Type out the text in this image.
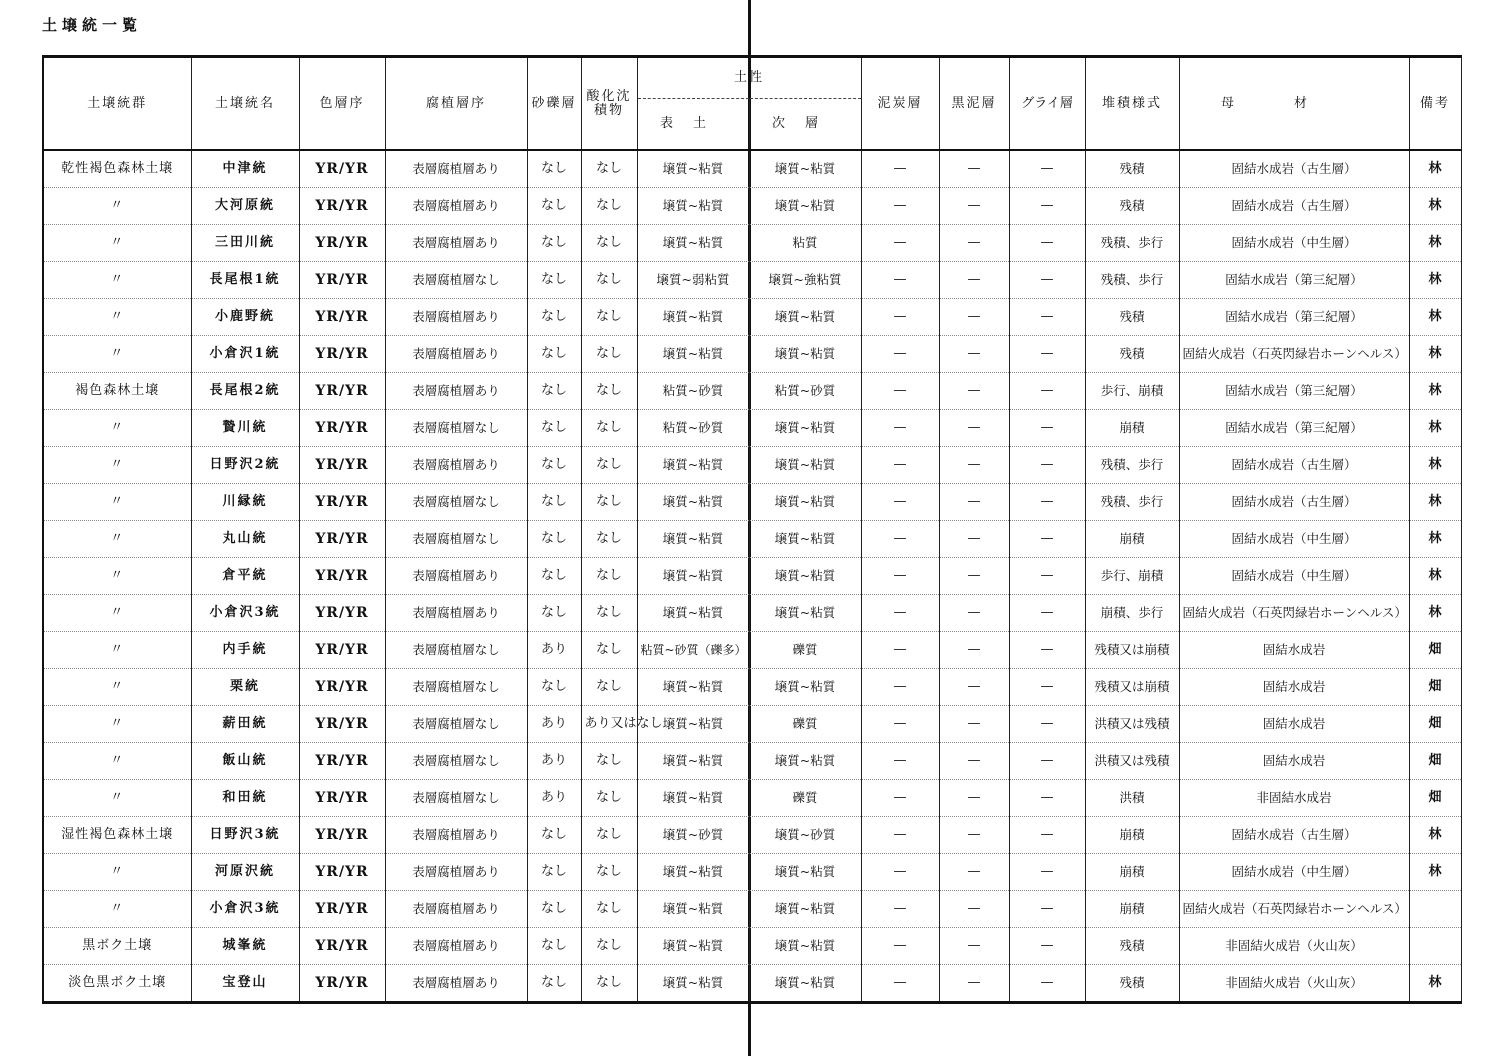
土壌統一覧
土壌統群	土壌統名	色層序	腐植層序	砂礫層	酸化沈積物	土性		泥炭層	黒泥層	グライ層	堆積様式	母材	備考
						表土	次層						
乾性褐色森林土壌	中津統	YR/YR	表層腐植層あり	なし	なし	壌質~粘質	壌質~粘質	—	—	—	残積	固結水成岩（古生層）	林
〃	大河原統	YR/YR	表層腐植層あり	なし	なし	壌質~粘質	壌質~粘質	—	—	—	残積	固結水成岩（古生層）	林
〃	三田川統	YR/YR	表層腐植層あり	なし	なし	壌質~粘質	粘質	—	—	—	残積、歩行	固結水成岩（中生層）	林
〃	長尾根1統	YR/YR	表層腐植層なし	なし	なし	壌質~弱粘質	壌質~強粘質	—	—	—	残積、歩行	固結水成岩（第三紀層）	林
〃	小鹿野統	YR/YR	表層腐植層あり	なし	なし	壌質~粘質	壌質~粘質	—	—	—	残積	固結水成岩（第三紀層）	林
〃	小倉沢1統	YR/YR	表層腐植層あり	なし	なし	壌質~粘質	壌質~粘質	—	—	—	残積	固結火成岩（石英閃緑岩ホーンヘルス）	林
褐色森林土壌	長尾根2統	YR/YR	表層腐植層あり	なし	なし	粘質~砂質	粘質~砂質	—	—	—	歩行、崩積	固結水成岩（第三紀層）	林
〃	贄川統	YR/YR	表層腐植層なし	なし	なし	粘質~砂質	壌質~粘質	—	—	—	崩積	固結水成岩（第三紀層）	林
〃	日野沢2統	YR/YR	表層腐植層あり	なし	なし	壌質~粘質	壌質~粘質	—	—	—	残積、歩行	固結水成岩（古生層）	林
〃	川縁統	YR/YR	表層腐植層なし	なし	なし	壌質~粘質	壌質~粘質	—	—	—	残積、歩行	固結水成岩（古生層）	林
〃	丸山統	YR/YR	表層腐植層なし	なし	なし	壌質~粘質	壌質~粘質	—	—	—	崩積	固結水成岩（中生層）	林
〃	倉平統	YR/YR	表層腐植層あり	なし	なし	壌質~粘質	壌質~粘質	—	—	—	歩行、崩積	固結水成岩（中生層）	林
〃	小倉沢3統	YR/YR	表層腐植層あり	なし	なし	壌質~粘質	壌質~粘質	—	—	—	崩積、歩行	固結火成岩（石英閃緑岩ホーンヘルス）	林
〃	内手統	YR/YR	表層腐植層なし	あり	なし	粘質~砂質（礫多）	礫質	—	—	—	残積又は崩積	固結水成岩	畑
〃	栗統	YR/YR	表層腐植層なし	なし	なし	壌質~粘質	壌質~粘質	—	—	—	残積又は崩積	固結水成岩	畑
〃	薪田統	YR/YR	表層腐植層なし	あり	あり又はなし	壌質~粘質	礫質	—	—	—	洪積又は残積	固結水成岩	畑
〃	飯山統	YR/YR	表層腐植層なし	あり	なし	壌質~粘質	壌質~粘質	—	—	—	洪積又は残積	固結水成岩	畑
〃	和田統	YR/YR	表層腐植層なし	あり	なし	壌質~粘質	礫質	—	—	—	洪積	非固結水成岩	畑
湿性褐色森林土壌	日野沢3統	YR/YR	表層腐植層あり	なし	なし	壌質~砂質	壌質~砂質	—	—	—	崩積	固結水成岩（古生層）	林
〃	河原沢統	YR/YR	表層腐植層あり	なし	なし	壌質~粘質	壌質~粘質	—	—	—	崩積	固結水成岩（中生層）	林
〃	小倉沢3統	YR/YR	表層腐植層あり	なし	なし	壌質~粘質	壌質~粘質	—	—	—	崩積	固結火成岩（石英閃緑岩ホーンヘルス）	
黒ボク土壌	城峯統	YR/YR	表層腐植層あり	なし	なし	壌質~粘質	壌質~粘質	—	—	—	残積	非固結火成岩（火山灰）	
淡色黒ボク土壌	宝登山	YR/YR	表層腐植層あり	なし	なし	壌質~粘質	壌質~粘質	—	—	—	残積	非固結火成岩（火山灰）	林
